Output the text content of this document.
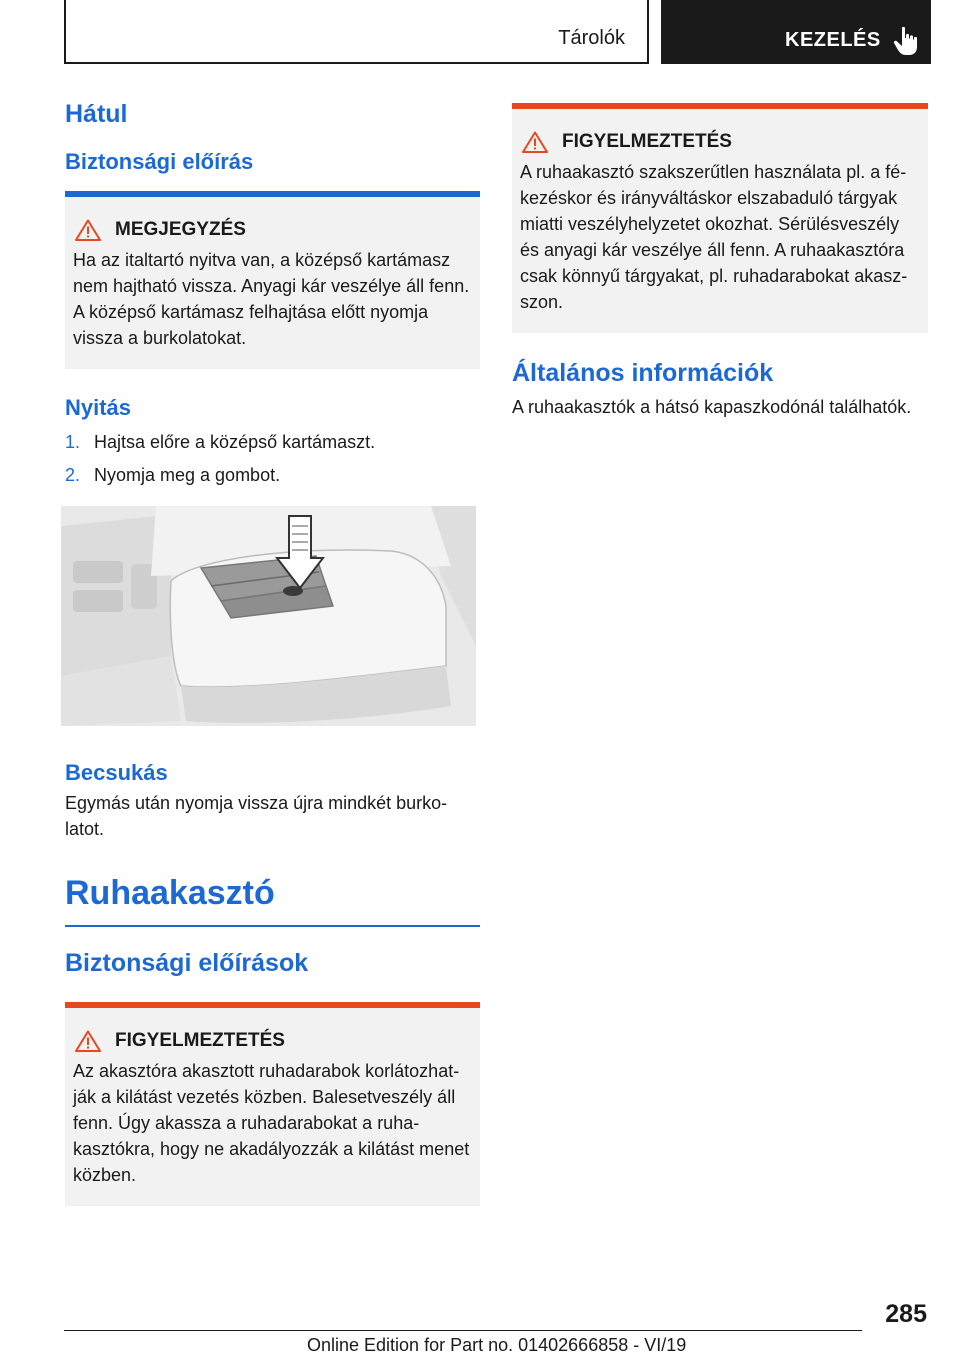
Tárolók	KEZELÉS
Hátul
Biztonsági előírás
MEGJEGYZÉS
Ha az italtartó nyitva van, a középső kartámasz nem hajtható vissza. Anyagi kár veszélye áll fenn. A középső kartámasz felhajtása előtt nyomja vissza a burkolatokat.
Nyitás
1. Hajtsa előre a középső kartámaszt.
2. Nyomja meg a gombot.
Becsukás
Egymás után nyomja vissza újra mindkét burkolatot.
Ruhaakasztó
Biztonsági előírások
FIGYELMEZTETÉS
Az akasztóra akasztott ruhadarabok korlátozhatják a kilátást vezetés közben. Balesetveszély áll fenn. Úgy akassza a ruhadarabokat a ruhakasztókra, hogy ne akadályozzák a kilátást menet közben.
FIGYELMEZTETÉS
A ruhaakasztó szakszerűtlen használata pl. a fékezéskor és irányváltáskor elszabaduló tárgyak miatti veszélyhelyzetet okozhat. Sérülésveszély és anyagi kár veszélye áll fenn. A ruhaakasztóra csak könnyű tárgyakat, pl. ruhadarabokat akaszszon.
Általános információk
A ruhaakasztók a hátsó kapaszkodónál találhatók.
285
Online Edition for Part no. 01402666858 - VI/19
